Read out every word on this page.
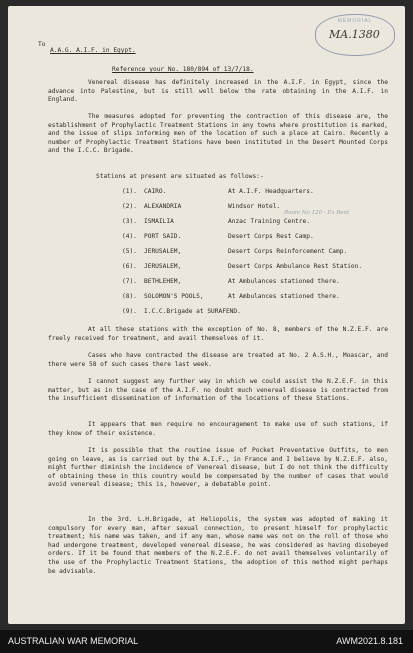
MEMORIAL
MA.1380

To

A.A.G. A.I.F. in Egypt.

Reference your No. 180/894 of 13/7/18.

Venereal disease has definitely increased in the A.I.F. in Egypt, since the advance into Palestine, but is still well below the rate obtaining in the A.I.F. in England.

The measures adopted for preventing the contraction of this disease are, the establishment of Prophylactic Treatment Stations in any towns where prostitution is marked, and the issue of slips informing men of the location of such a place at Cairo. Recently a number of Prophylactic Treatment Stations have been instituted in the Desert Mounted Corps and the I.C.C. Brigade.

Stations at present are situated as follows:-

(1). CAIRO.	At A.I.F. Headquarters.
(2). ALEXANDRIA	Windsor Hotel.
(3). ISMAILIA	Anzac Training Centre.
(4). PORT SAID.	Desert Corps Rest Camp.
(5). JERUSALEM,	Desert Corps Reinforcement Camp.
(6). JERUSALEM,	Desert Corps Ambulance Rest Station.
(7). BETHLEHEM,	At Ambulances stationed there.
(8). SOLOMON'S POOLS,	At Ambulances stationed there.
(9). I.C.C.Brigade at SURAFEND.
Room No 120 - Ex Bent

At all these stations with the exception of No. 8, members of the N.Z.E.F. are freely received for treatment, and avail themselves of it.

Cases who have contracted the disease are treated at No. 2 A.S.H., Moascar, and there were 58 of such cases there last week.

I cannot suggest any further way in which we could assist the N.Z.E.F. in this matter, but as in the case of the A.I.F. no doubt much venereal disease is contracted from the insufficient dissemination of information of the locations of these Stations.

It appears that men require no encouragement to make use of such stations, if they know of their existence.

It is possible that the routine issue of Pocket Preventative Outfits, to men going on leave, as is carried out by the A.I.F., in France and I believe by N.Z.E.F. also, might further diminish the incidence of Venereal disease, but I do not think the difficulty of obtaining these in this country would be compensated by the number of cases that would avoid venereal disease; this is, however, a debatable point.

In the 3rd. L.H.Brigade, at Heliopolis, the system was adopted of making it compulsory for every man, after sexual connection, to present himself for prophylactic treatment; his name was taken, and if any man, whose name was not on the roll of those who had undergone treatment, developed venereal disease, he was considered as having disobeyed orders. If it be found that members of the N.Z.E.F. do not avail themselves voluntarily of the use of the Prophylactic Treatment Stations, the adoption of this method might perhaps be advisable.

AUSTRALIAN WAR MEMORIAL	AWM2021.8.181
